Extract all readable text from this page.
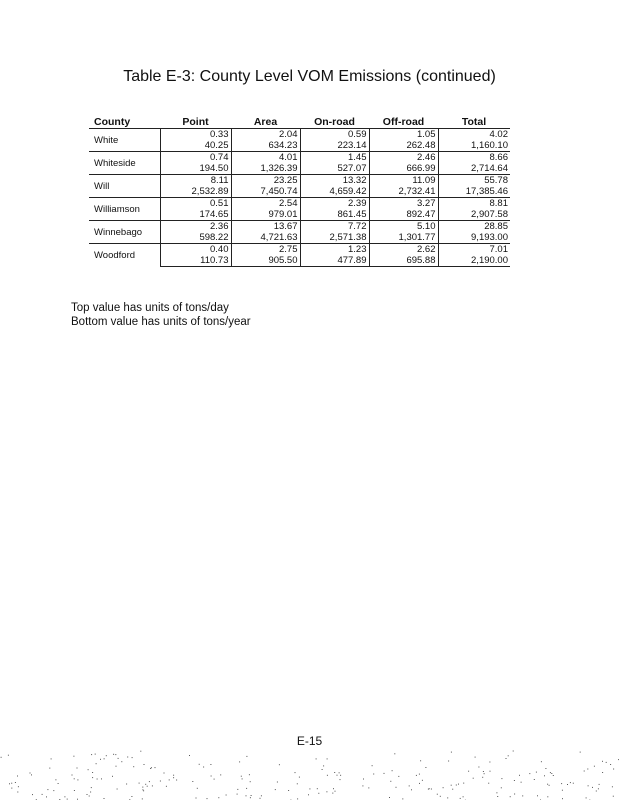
Table E-3: County Level VOM Emissions (continued)
County	Point	Area	On-road	Off-road	Total
White	0.33	2.04	0.59	1.05	4.02
	40.25	634.23	223.14	262.48	1,160.10
Whiteside	0.74	4.01	1.45	2.46	8.66
	194.50	1,326.39	527.07	666.99	2,714.64
Will	8.11	23.25	13.32	11.09	55.78
	2,532.89	7,450.74	4,659.42	2,732.41	17,385.46
Williamson	0.51	2.54	2.39	3.27	8.81
	174.65	979.01	861.45	892.47	2,907.58
Winnebago	2.36	13.67	7.72	5.10	28.85
	598.22	4,721.63	2,571.38	1,301.77	9,193.00
Woodford	0.40	2.75	1.23	2.62	7.01
	110.73	905.50	477.89	695.88	2,190.00
Top value has units of tons/day
Bottom value has units of tons/year
E-15
